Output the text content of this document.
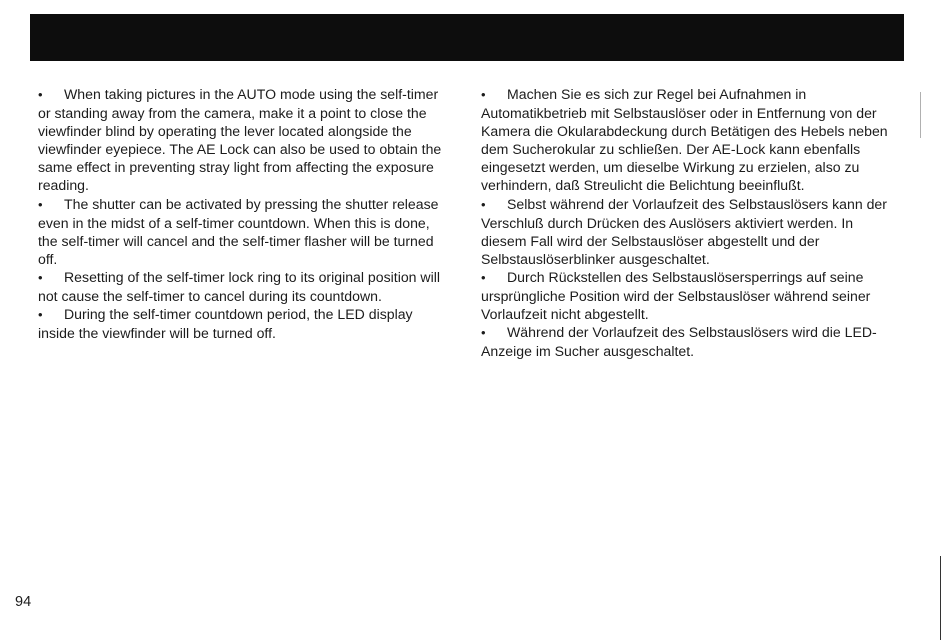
• When taking pictures in the AUTO mode using the self-timer or standing away from the camera, make it a point to close the viewfinder blind by operating the lever located alongside the viewfinder eyepiece. The AE Lock can also be used to obtain the same effect in preventing stray light from affecting the exposure reading.

• The shutter can be activated by pressing the shutter release even in the midst of a self-timer countdown. When this is done, the self-timer will cancel and the self-timer flasher will be turned off.

• Resetting of the self-timer lock ring to its original position will not cause the self-timer to cancel during its countdown.

• During the self-timer countdown period, the LED display inside the viewfinder will be turned off.

• Machen Sie es sich zur Regel bei Aufnahmen in Automatikbetrieb mit Selbstauslöser oder in Entfernung von der Kamera die Okularabdeckung durch Betätigen des Hebels neben dem Sucherokular zu schließen. Der AE-Lock kann ebenfalls eingesetzt werden, um dieselbe Wirkung zu erzielen, also zu verhindern, daß Streulicht die Belichtung beeinflußt.

• Selbst während der Vorlaufzeit des Selbstauslösers kann der Verschluß durch Drücken des Auslösers aktiviert werden. In diesem Fall wird der Selbstauslöser abgestellt und der Selbstauslöserblinker ausgeschaltet.

• Durch Rückstellen des Selbstauslösersperrings auf seine ursprüngliche Position wird der Selbstauslöser während seiner Vorlaufzeit nicht abgestellt.

• Während der Vorlaufzeit des Selbstauslösers wird die LED-Anzeige im Sucher ausgeschaltet.

94
